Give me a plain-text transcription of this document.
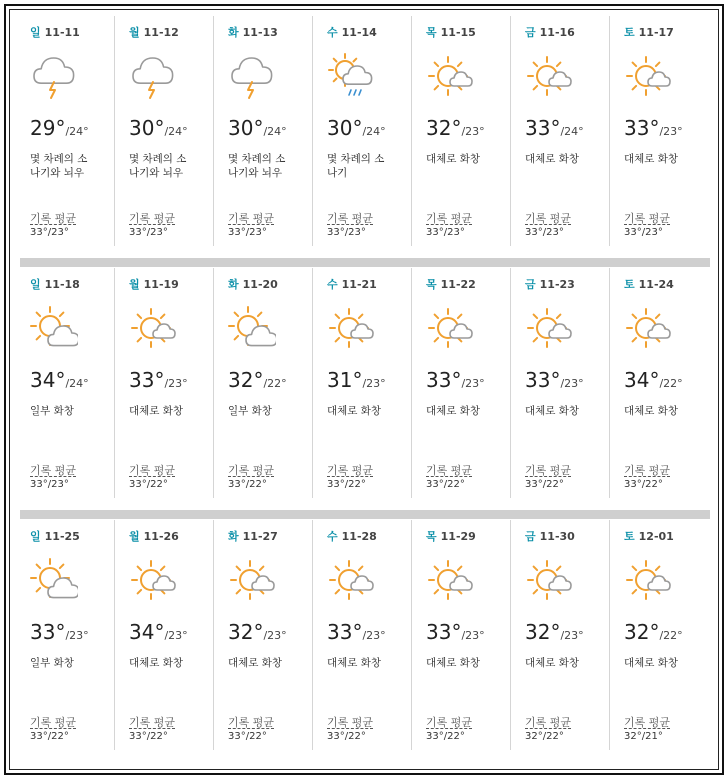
일 11-11
29°/24°
몇 차례의 소
나기와 뇌우
기록 평균
33°/23°
월 11-12
30°/24°
몇 차례의 소
나기와 뇌우
기록 평균
33°/23°
화 11-13
30°/24°
몇 차례의 소
나기와 뇌우
기록 평균
33°/23°
수 11-14
30°/24°
몇 차례의 소
나기
기록 평균
33°/23°
목 11-15
32°/23°
대체로 화창
기록 평균
33°/23°
금 11-16
33°/24°
대체로 화창
기록 평균
33°/23°
토 11-17
33°/23°
대체로 화창
기록 평균
33°/23°
일 11-18
34°/24°
일부 화창
기록 평균
33°/23°
월 11-19
33°/23°
대체로 화창
기록 평균
33°/22°
화 11-20
32°/22°
일부 화창
기록 평균
33°/22°
수 11-21
31°/23°
대체로 화창
기록 평균
33°/22°
목 11-22
33°/23°
대체로 화창
기록 평균
33°/22°
금 11-23
33°/23°
대체로 화창
기록 평균
33°/22°
토 11-24
34°/22°
대체로 화창
기록 평균
33°/22°
일 11-25
33°/23°
일부 화창
기록 평균
33°/22°
월 11-26
34°/23°
대체로 화창
기록 평균
33°/22°
화 11-27
32°/23°
대체로 화창
기록 평균
33°/22°
수 11-28
33°/23°
대체로 화창
기록 평균
33°/22°
목 11-29
33°/23°
대체로 화창
기록 평균
33°/22°
금 11-30
32°/23°
대체로 화창
기록 평균
32°/22°
토 12-01
32°/22°
대체로 화창
기록 평균
32°/21°
